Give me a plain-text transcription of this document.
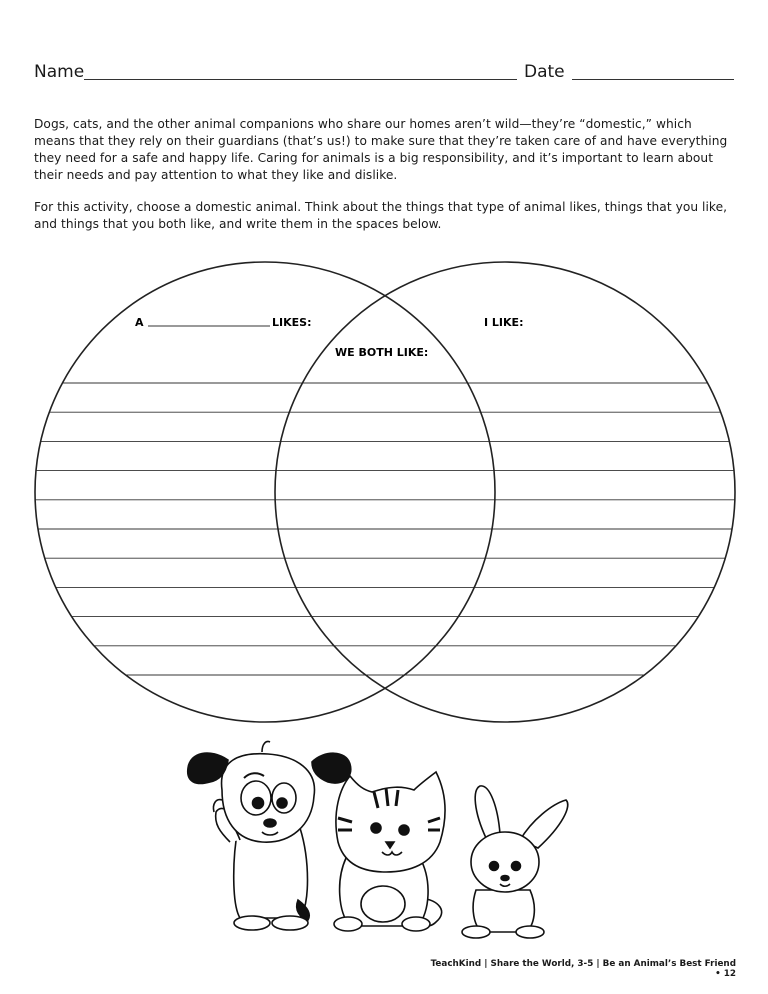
Name	Date
Dogs, cats, and the other animal companions who share our homes aren’t wild—they’re “domestic,” which means that they rely on their guardians (that’s us!) to make sure that they’re taken care of and have everything they need for a safe and happy life. Caring for animals is a big responsibility, and it’s important to learn about their needs and pay attention to what they like and dislike.
For this activity, choose a domestic animal. Think about the things that type of animal likes, things that you like, and things that you both like, and write them in the spaces below.
A	LIKES:
WE BOTH LIKE:
I LIKE:
TeachKind | Share the World, 3-5 | Be an Animal’s Best Friend • 12
